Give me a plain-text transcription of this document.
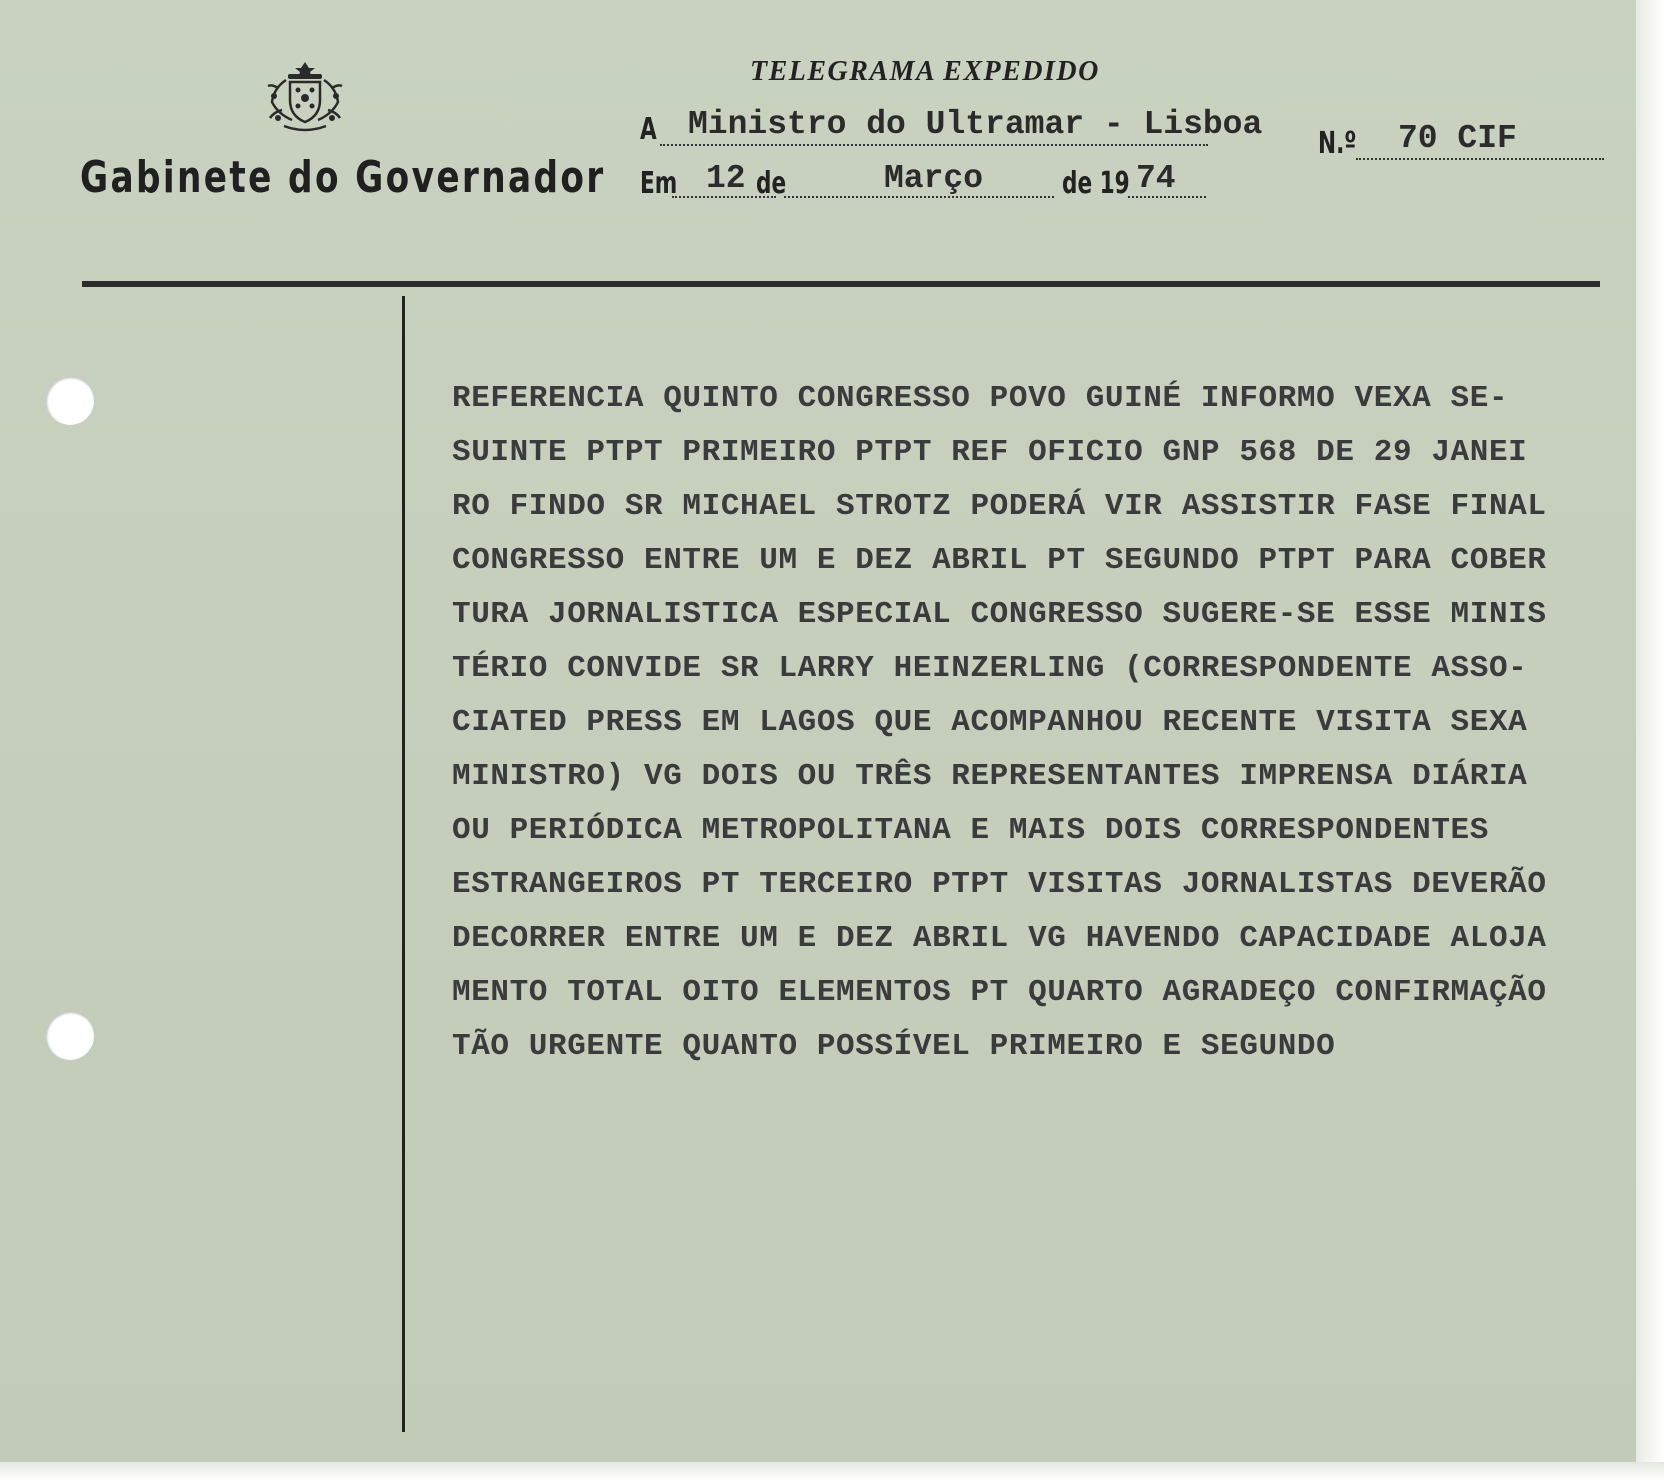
Gabinete do Governador
TELEGRAMA EXPEDIDO
A Ministro do Ultramar - Lisboa
N.º 70 CIF
Em 12 de	Março	de 19 74
REFERENCIA QUINTO CONGRESSO POVO GUINÉ INFORMO VEXA SE-
SUINTE PTPT PRIMEIRO PTPT REF OFICIO GNP 568 DE 29 JANEI
RO FINDO SR MICHAEL STROTZ PODERÁ VIR ASSISTIR FASE FINAL
CONGRESSO ENTRE UM E DEZ ABRIL PT SEGUNDO PTPT PARA COBER
TURA JORNALISTICA ESPECIAL CONGRESSO SUGERE-SE ESSE MINIS
TÉRIO CONVIDE SR LARRY HEINZERLING (CORRESPONDENTE ASSO-
CIATED PRESS EM LAGOS QUE ACOMPANHOU RECENTE VISITA SEXA
MINISTRO) VG DOIS OU TRÊS REPRESENTANTES IMPRENSA DIÁRIA
OU PERIÓDICA METROPOLITANA E MAIS DOIS CORRESPONDENTES
ESTRANGEIROS PT TERCEIRO PTPT VISITAS JORNALISTAS DEVERÃO
DECORRER ENTRE UM E DEZ ABRIL VG HAVENDO CAPACIDADE ALOJA
MENTO TOTAL OITO ELEMENTOS PT QUARTO AGRADEÇO CONFIRMAÇÃO
TÃO URGENTE QUANTO POSSÍVEL PRIMEIRO E SEGUNDO
